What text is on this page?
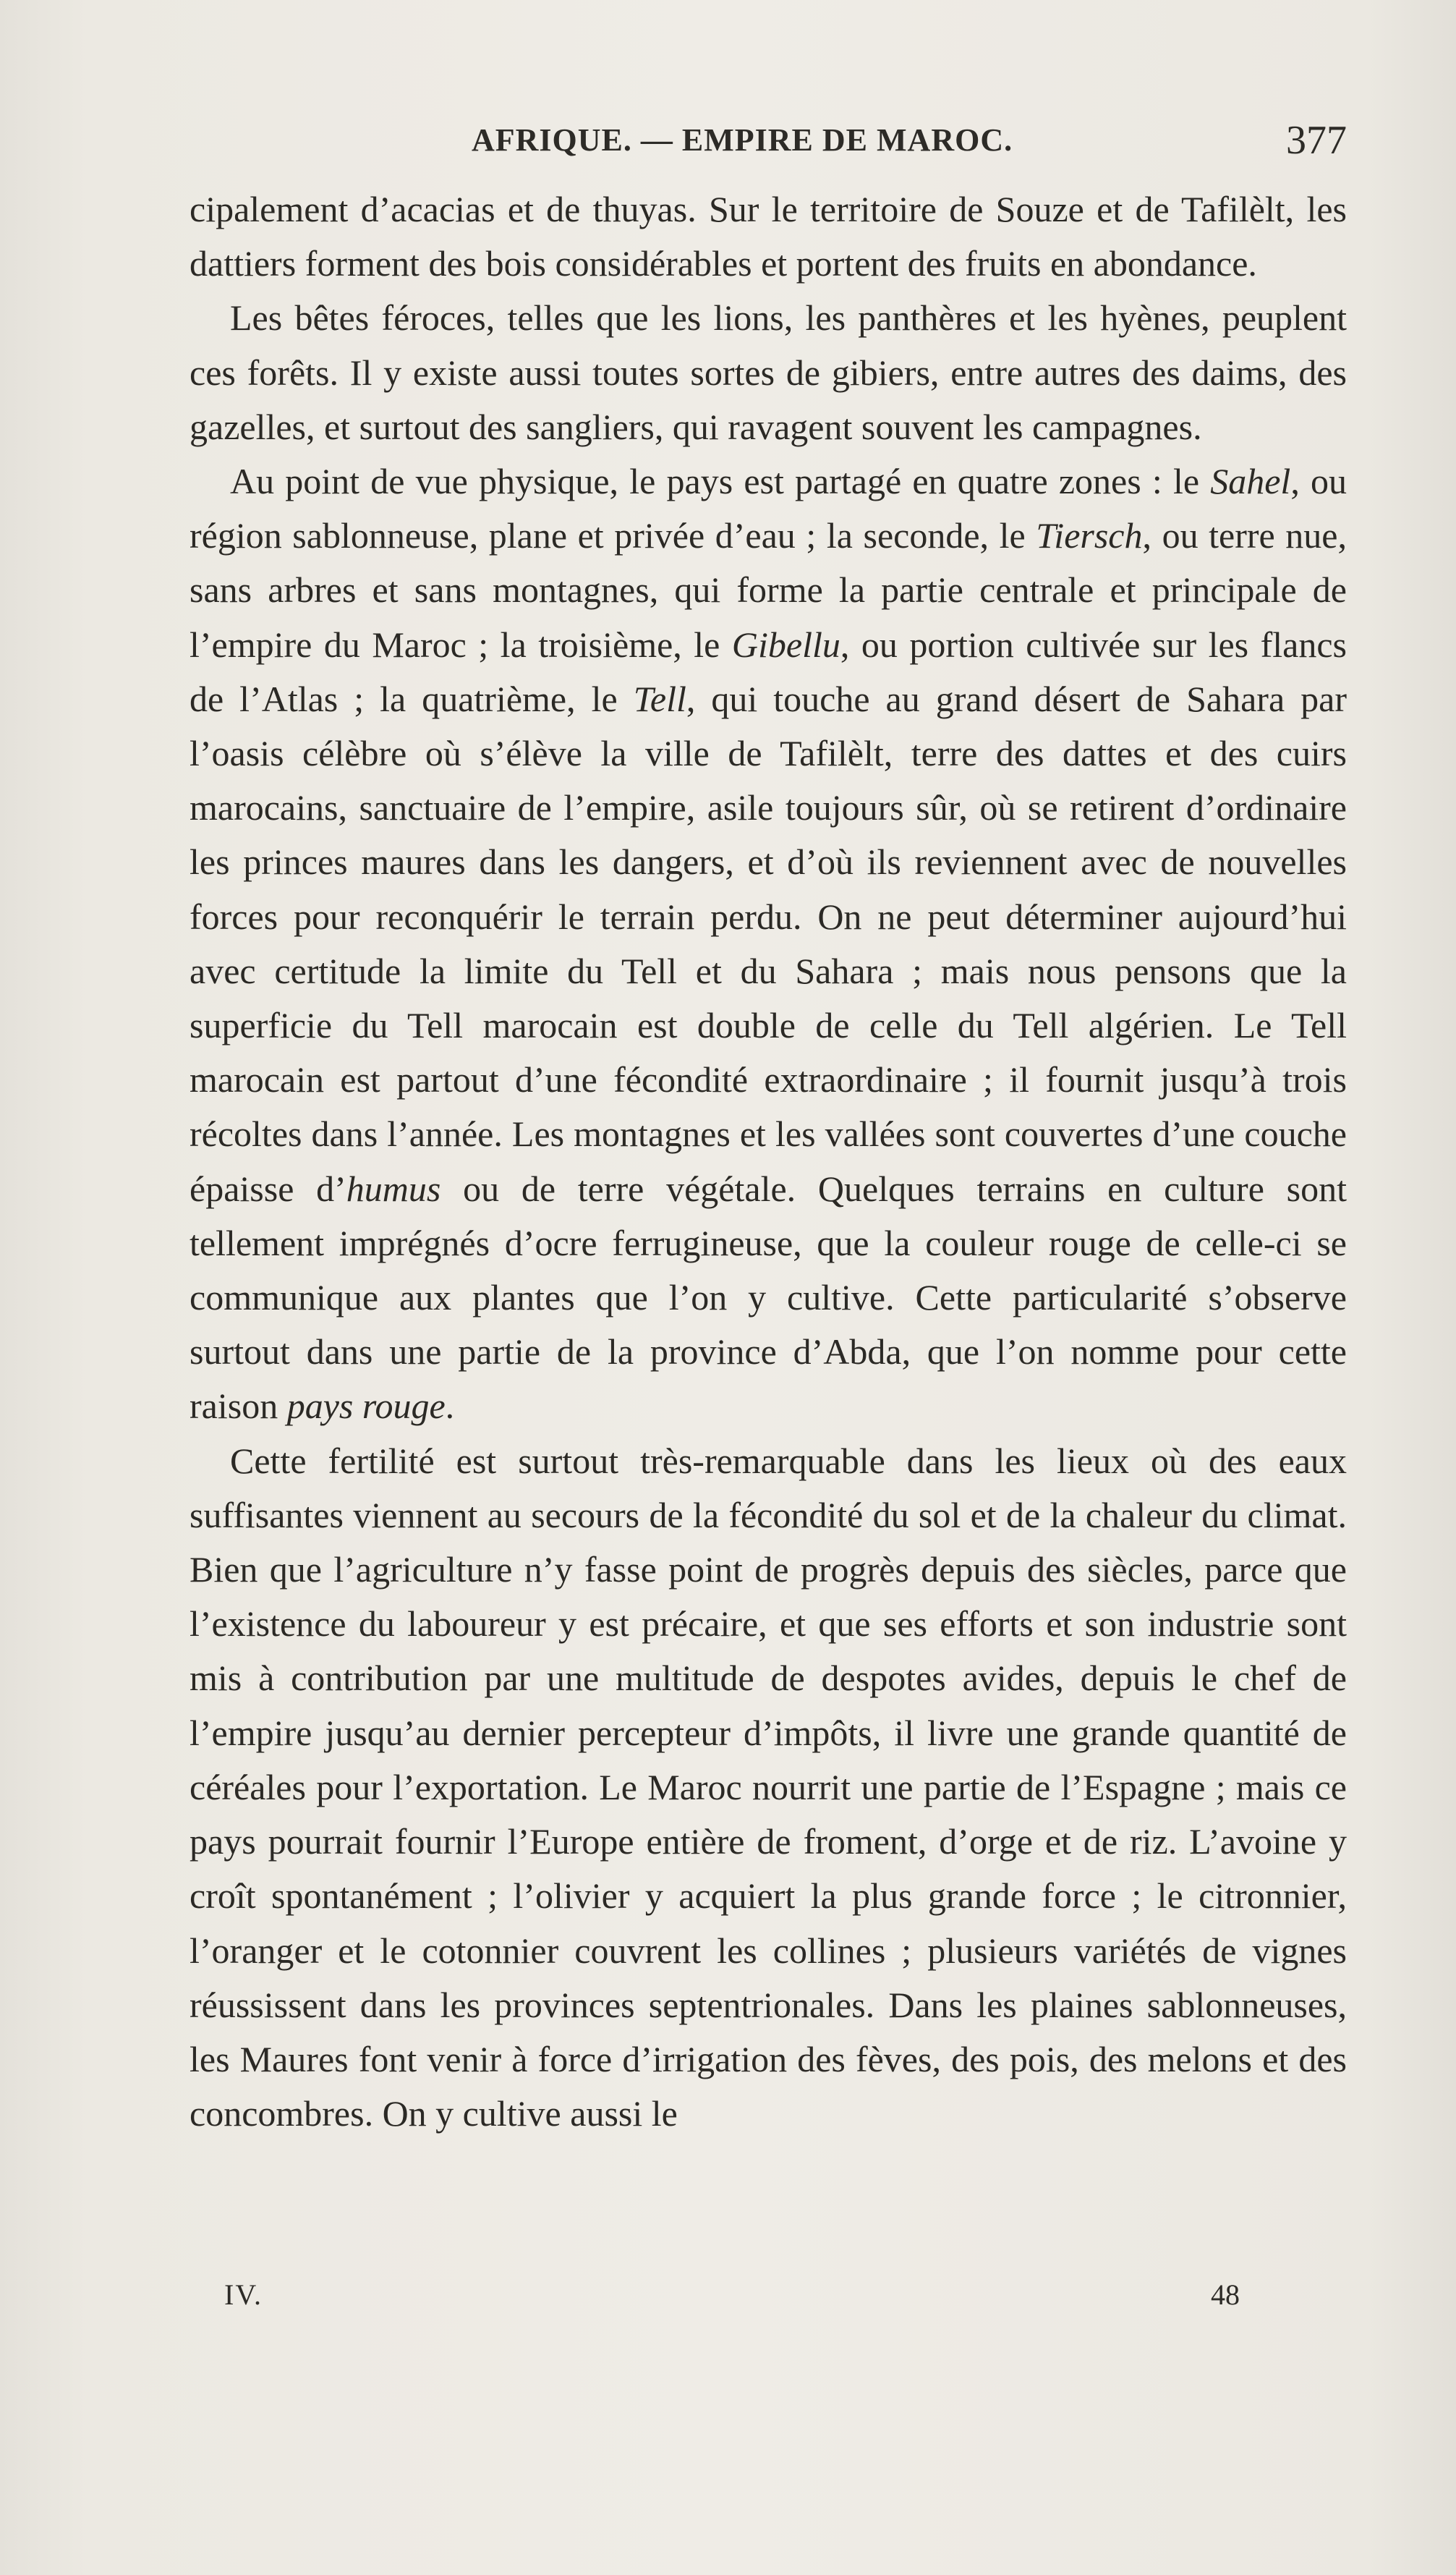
AFRIQUE. — EMPIRE DE MAROC.	377

cipalement d’acacias et de thuyas. Sur le territoire de Souze et de Tafilèlt, les dattiers forment des bois considérables et portent des fruits en abondance.

Les bêtes féroces, telles que les lions, les panthères et les hyènes, peuplent ces forêts. Il y existe aussi toutes sortes de gibiers, entre autres des daims, des gazelles, et surtout des sangliers, qui ravagent souvent les campagnes.

Au point de vue physique, le pays est partagé en quatre zones : le Sahel, ou région sablonneuse, plane et privée d’eau ; la seconde, le Tiersch, ou terre nue, sans arbres et sans montagnes, qui forme la partie centrale et principale de l’empire du Maroc ; la troisième, le Gibellu, ou portion cultivée sur les flancs de l’Atlas ; la quatrième, le Tell, qui touche au grand désert de Sahara par l’oasis célèbre où s’élève la ville de Tafilèlt, terre des dattes et des cuirs marocains, sanctuaire de l’empire, asile toujours sûr, où se retirent d’ordinaire les princes maures dans les dangers, et d’où ils reviennent avec de nouvelles forces pour reconquérir le terrain perdu. On ne peut déterminer aujourd’hui avec certitude la limite du Tell et du Sahara ; mais nous pensons que la superficie du Tell marocain est double de celle du Tell algérien. Le Tell marocain est partout d’une fécondité extraordinaire ; il fournit jusqu’à trois récoltes dans l’année. Les montagnes et les vallées sont couvertes d’une couche épaisse d’humus ou de terre végétale. Quelques terrains en culture sont tellement imprégnés d’ocre ferrugineuse, que la couleur rouge de celle-ci se communique aux plantes que l’on y cultive. Cette particularité s’observe surtout dans une partie de la province d’Abda, que l’on nomme pour cette raison pays rouge.

Cette fertilité est surtout très-remarquable dans les lieux où des eaux suffisantes viennent au secours de la fécondité du sol et de la chaleur du climat. Bien que l’agriculture n’y fasse point de progrès depuis des siècles, parce que l’existence du laboureur y est précaire, et que ses efforts et son industrie sont mis à contribution par une multitude de despotes avides, depuis le chef de l’empire jusqu’au dernier percepteur d’impôts, il livre une grande quantité de céréales pour l’exportation. Le Maroc nourrit une partie de l’Espagne ; mais ce pays pourrait fournir l’Europe entière de froment, d’orge et de riz. L’avoine y croît spontanément ; l’olivier y acquiert la plus grande force ; le citronnier, l’oranger et le cotonnier couvrent les collines ; plusieurs variétés de vignes réussissent dans les provinces septentrionales. Dans les plaines sablonneuses, les Maures font venir à force d’irrigation des fèves, des pois, des melons et des concombres. On y cultive aussi le

IV.	48
